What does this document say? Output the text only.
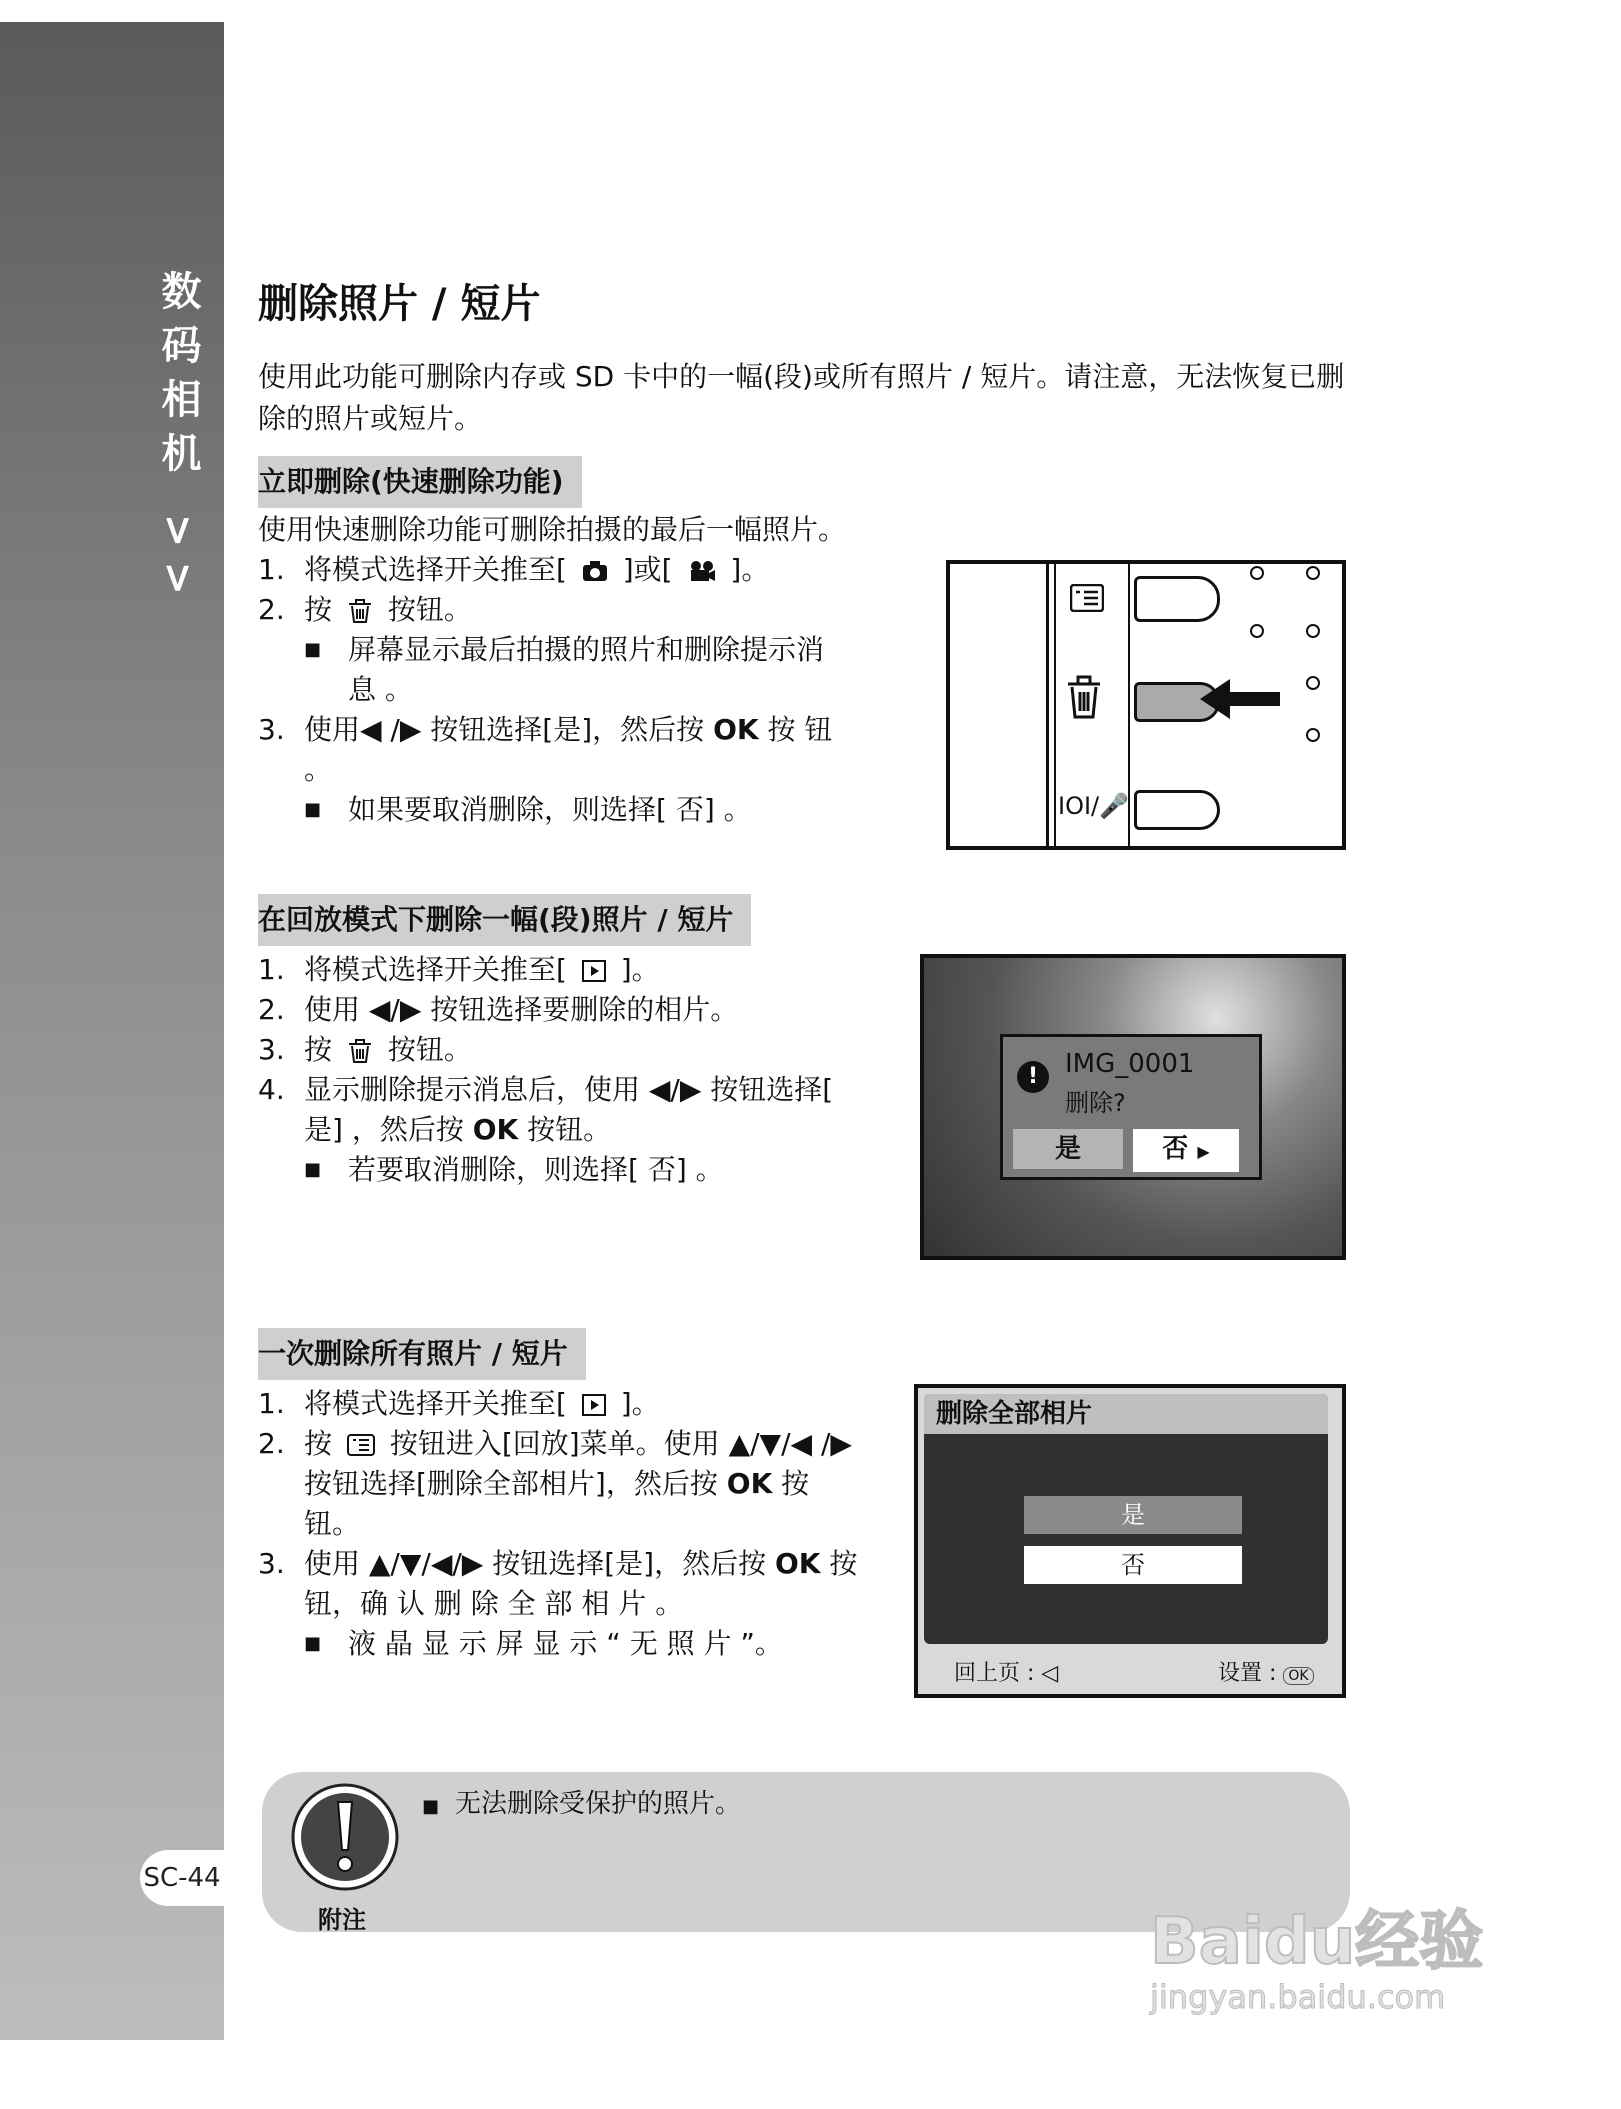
数码相机 >>
SC-44
删除照片 / 短片
使用此功能可删除内存或 SD 卡中的一幅(段)或所有照片 / 短片。请注意，无法恢复已删除的照片或短片。
立即删除(快速删除功能)
使用快速删除功能可删除拍摄的最后一幅照片。
1. 将模式选择开关推至[ ]或[ ]。
2. 按 按钮。
■ 屏幕显示最后拍摄的照片和删除提示消 息 。
3. 使用◀ /▶ 按钮选择[是]，然后按 OK 按 钮 。
■ 如果要取消删除，则选择[ 否] 。
在回放模式下删除一幅(段)照片 / 短片
1. 将模式选择开关推至[ ]。
2. 使用 ◀/▶ 按钮选择要删除的相片。
3. 按 按钮。
4. 显示删除提示消息后，使用 ◀/▶ 按钮选择[ 是] ，然后按 OK 按钮。
■ 若要取消删除，则选择[ 否] 。
一次删除所有照片 / 短片
1. 将模式选择开关推至[ ]。
2. 按 按钮进入[回放]菜单。使用 ▲/▼/◀ /▶ 按钮选择[删除全部相片]，然后按 OK 按钮。
3. 使用 ▲/▼/◀/▶ 按钮选择[是]，然后按 OK 按钮，确 认 删 除 全 部 相 片 。
■ 液 晶 显 示 屏 显 示 “ 无 照 片 ”。
IOI/🎤
!	IMG_0001
删除?
是	否 ▶
删除全部相片
是
否
回上页 : ◁	设置 : OK
■ 无法删除受保护的照片。
附注	Baidu经验
jingyan.baidu.com
